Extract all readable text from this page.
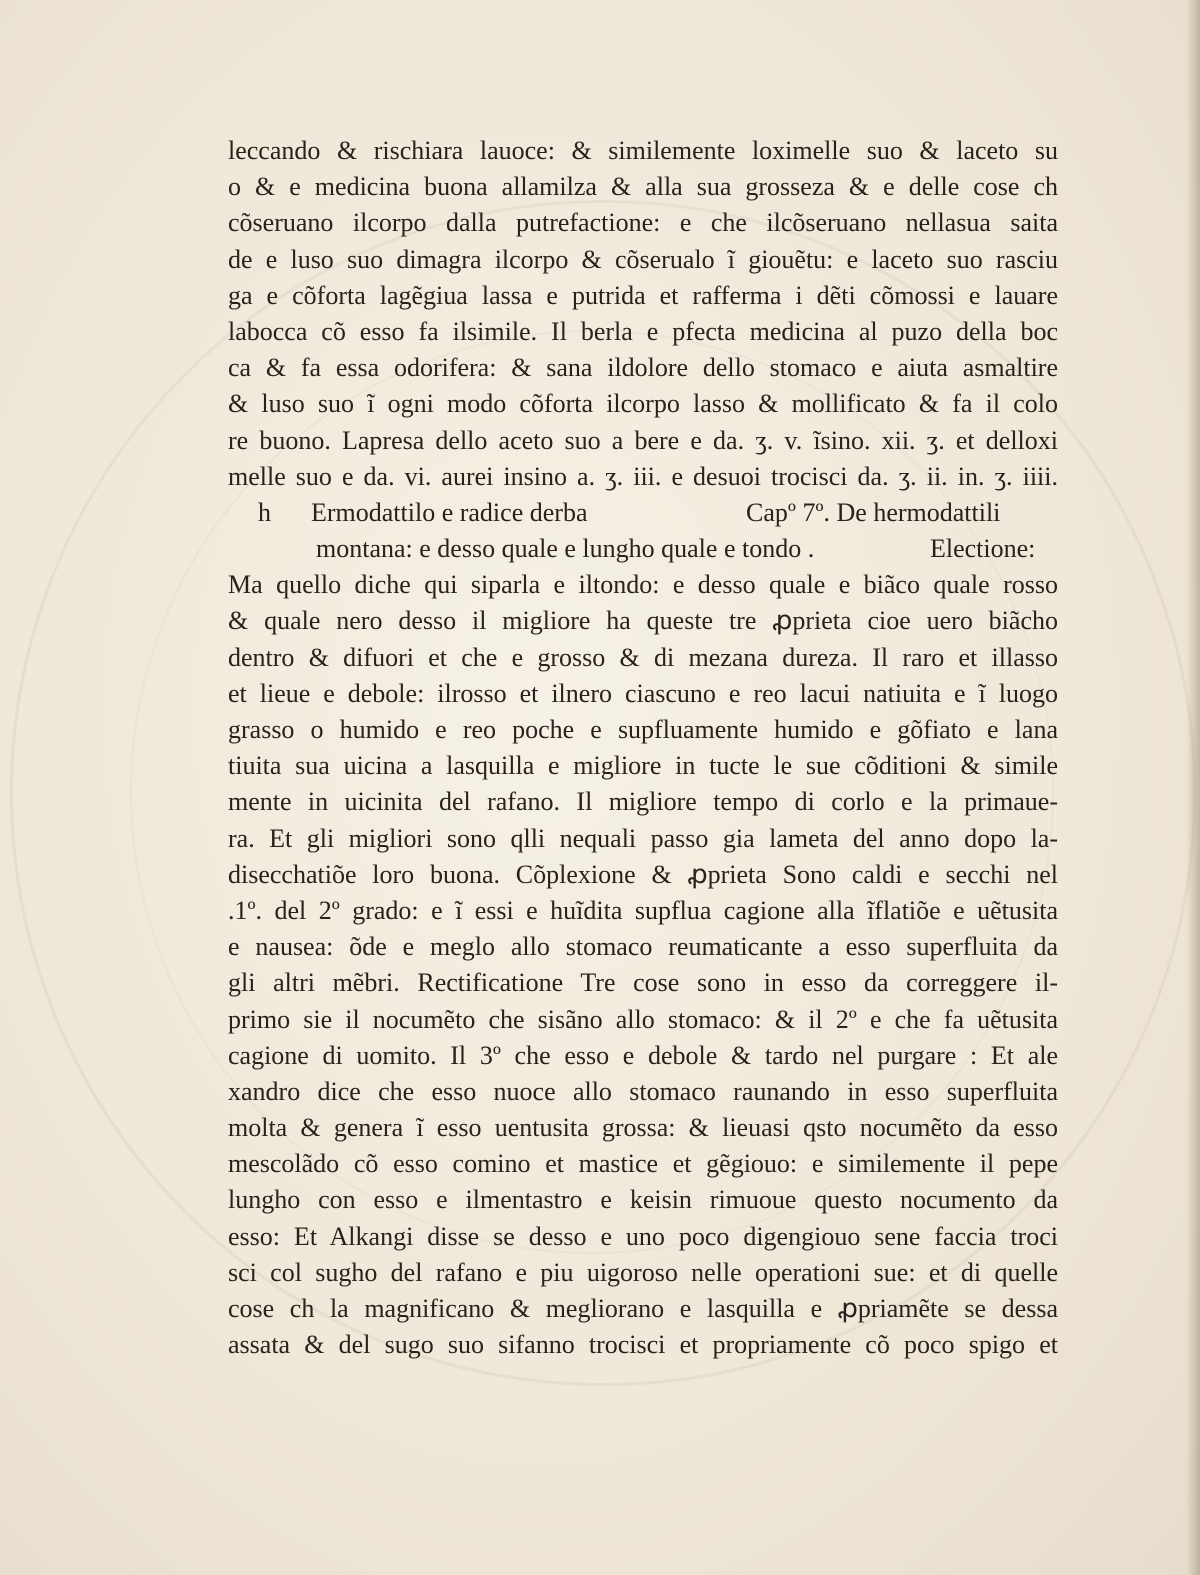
leccando & rischiara lauoce: & similemente loximelle suo & laceto su
o & e medicina buona allamilza & alla sua grosseza & e delle cose ch
cõseruano ilcorpo dalla putrefactione: e che ilcõseruano nellasua saita
de e luso suo dimagra ilcorpo & cõserualo ĩ giouẽtu: e laceto suo rasciu
ga e cõforta lagẽgiua lassa e putrida et rafferma i dẽti cõmossi e lauare
labocca cõ esso fa ilsimile. Il berla e pfecta medicina al puzo della boc
ca & fa essa odorifera: & sana ildolore dello stomaco e aiuta asmaltire
& luso suo ĩ ogni modo cõforta ilcorpo lasso & mollificato & fa il colo
re buono. Lapresa dello aceto suo a bere e da. ʒ. v. ĩsino. xii. ʒ. et delloxi
melle suo e da. vi. aurei insino a. ʒ. iii. e desuoi trocisci da. ʒ. ii. in. ʒ. iiii.
h Ermodattilo e radice derba	Capº 7º. De hermodattili
montana: e desso quale e lungho quale e tondo .	Electione:
Ma quello diche qui siparla e iltondo: e desso quale e biãco quale rosso
& quale nero desso il migliore ha queste tre ꝓprieta cioe uero biãcho
dentro & difuori et che e grosso & di mezana dureza. Il raro et illasso
et lieue e debole: ilrosso et ilnero ciascuno e reo lacui natiuita e ĩ luogo
grasso o humido e reo poche e supfluamente humido e gõfiato e lana
tiuita sua uicina a lasquilla e migliore in tucte le sue cõditioni & simile
mente in uicinita del rafano. Il migliore tempo di corlo e la primaue-
ra. Et gli migliori sono qlli nequali passo gia lameta del anno dopo la-
disecchatiõe loro buona. Cõplexione & ꝓprieta Sono caldi e secchi nel
.1º. del 2º grado: e ĩ essi e huĩdita supflua cagione alla ĩflatiõe e uẽtusita
e nausea: õde e meglo allo stomaco reumaticante a esso superfluita da
gli altri mẽbri. Rectificatione Tre cose sono in esso da correggere il-
primo sie il nocumẽto che sisãno allo stomaco: & il 2º e che fa uẽtusita
cagione di uomito. Il 3º che esso e debole & tardo nel purgare : Et ale
xandro dice che esso nuoce allo stomaco raunando in esso superfluita
molta & genera ĩ esso uentusita grossa: & lieuasi qsto nocumẽto da esso
mescolãdo cõ esso comino et mastice et gẽgiouo: e similemente il pepe
lungho con esso e ilmentastro e keisin rimuoue questo nocumento da
esso: Et Alkangi disse se desso e uno poco digengiouo sene faccia troci
sci col sugho del rafano e piu uigoroso nelle operationi sue: et di quelle
cose ch la magnificano & megliorano e lasquilla e ꝓpriamẽte se dessa
assata & del sugo suo sifanno trocisci et propriamente cõ poco spigo et
